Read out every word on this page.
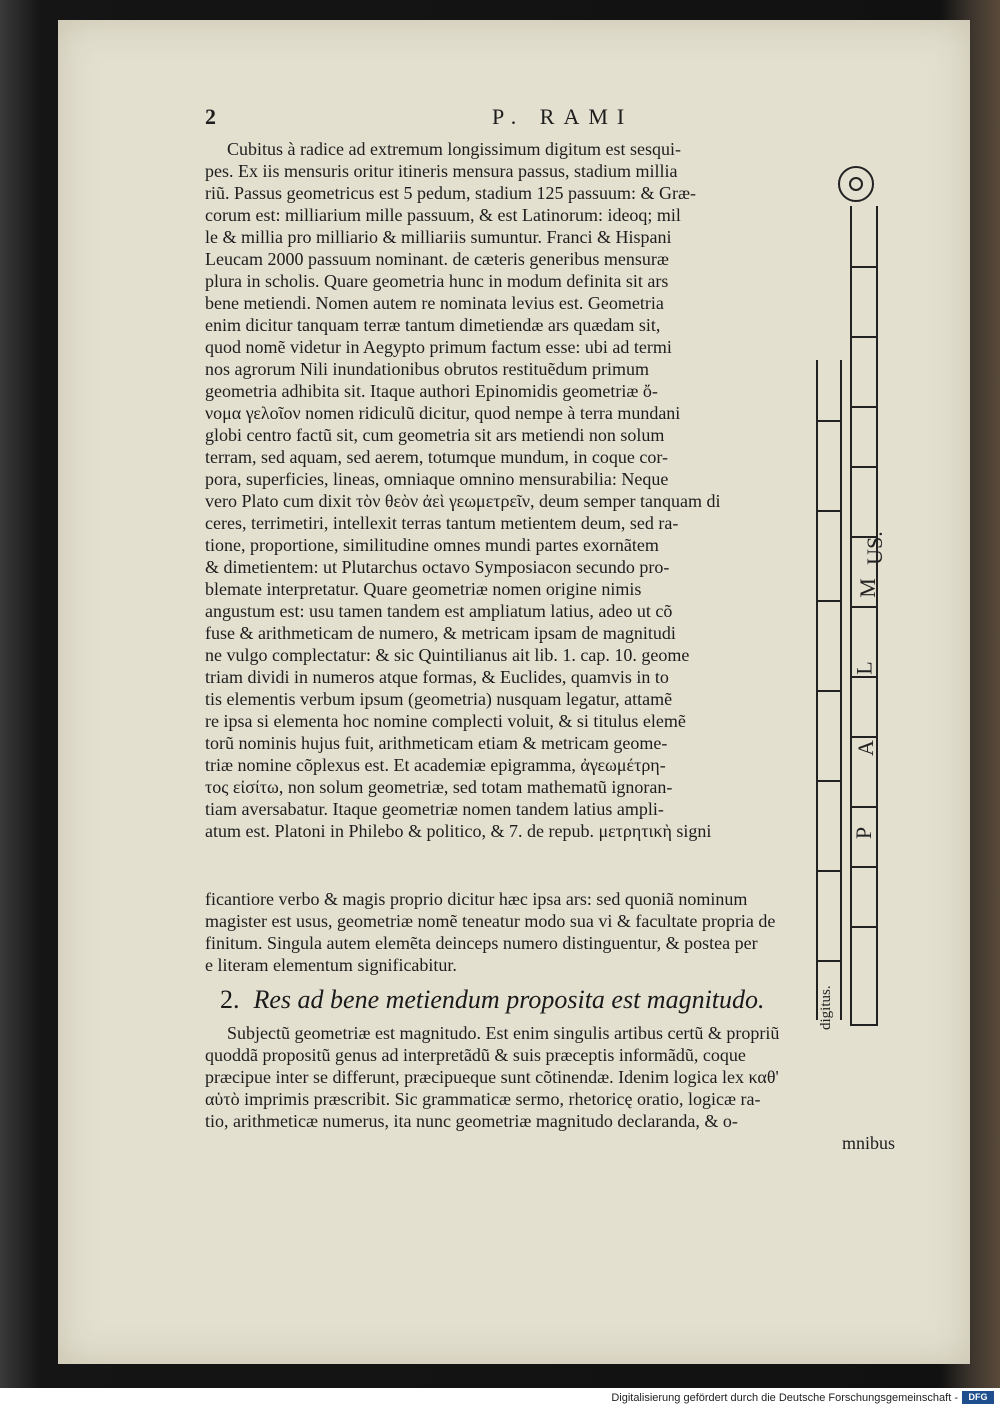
2	P. RAMI
Cubitus à radice ad extremum longissimum digitum est sesqui-
pes. Ex iis mensuris oritur itineris mensura passus, stadium millia
riũ. Passus geometricus est 5 pedum, stadium 125 passuum: & Græ-
corum est: milliarium mille passuum, & est Latinorum: ideoq; mil
le & millia pro milliario & milliariis sumuntur. Franci & Hispani
Leucam 2000 passuum nominant. de cæteris generibus mensuræ
plura in scholis. Quare geometria hunc in modum definita sit ars
bene metiendi. Nomen autem re nominata levius est. Geometria
enim dicitur tanquam terræ tantum dimetiendæ ars quædam sit,
quod nomẽ videtur in Aegypto primum factum esse: ubi ad termi
nos agrorum Nili inundationibus obrutos restituẽdum primum
geometria adhibita sit. Itaque authori Epinomidis geometriæ ὄ-
νομα γελοῖον nomen ridiculũ dicitur, quod nempe à terra mundani
globi centro factũ sit, cum geometria sit ars metiendi non solum
terram, sed aquam, sed aerem, totumque mundum, in coque cor-
pora, superficies, lineas, omniaque omnino mensurabilia: Neque
vero Plato cum dixit τὸν θεὸν ἀεὶ γεωμετρεῖν, deum semper tanquam di
ceres, terrimetiri, intellexit terras tantum metientem deum, sed ra-
tione, proportione, similitudine omnes mundi partes exornãtem
& dimetientem: ut Plutarchus octavo Symposiacon secundo pro-
blemate interpretatur. Quare geometriæ nomen origine nimis
angustum est: usu tamen tandem est ampliatum latius, adeo ut cõ
fuse & arithmeticam de numero, & metricam ipsam de magnitudi
ne vulgo complectatur: & sic Quintilianus ait lib. 1. cap. 10. geome
triam dividi in numeros atque formas, & Euclides, quamvis in to
tis elementis verbum ipsum (geometria) nusquam legatur, attamẽ
re ipsa si elementa hoc nomine complecti voluit, & si titulus elemẽ
torũ nominis hujus fuit, arithmeticam etiam & metricam geome-
triæ nomine cõplexus est. Et academiæ epigramma, ἀγεωμέτρη-
τος εἰσίτω, non solum geometriæ, sed totam mathematũ ignoran-
tiam aversabatur. Itaque geometriæ nomen tandem latius ampli-
atum est. Platoni in Philebo & politico, & 7. de repub. μετρητικὴ signi
ficantiore verbo & magis proprio dicitur hæc ipsa ars: sed quoniã nominum
magister est usus, geometriæ nomẽ teneatur modo sua vi & facultate propria de
finitum. Singula autem elemẽta deinceps numero distinguentur, & postea per
e literam elementum significabitur.
2. Res ad bene metiendum proposita est magnitudo.
Subjectũ geometriæ est magnitudo. Est enim singulis artibus certũ & propriũ
quoddã propositũ genus ad interpretãdũ & suis præceptis informãdũ, coque
præcipue inter se differunt, præcipueque sunt cõtinendæ. Idenim logica lex καθ'
αὑτὸ imprimis præscribit. Sic grammaticæ sermo, rhetoricę oratio, logicæ ra-
tio, arithmeticæ numerus, ita nunc geometriæ magnitudo declaranda, & o-
mnibus
P
A
L
M
US.
digitus.
Digitalisierung gefördert durch die Deutsche Forschungsgemeinschaft -	DFG
